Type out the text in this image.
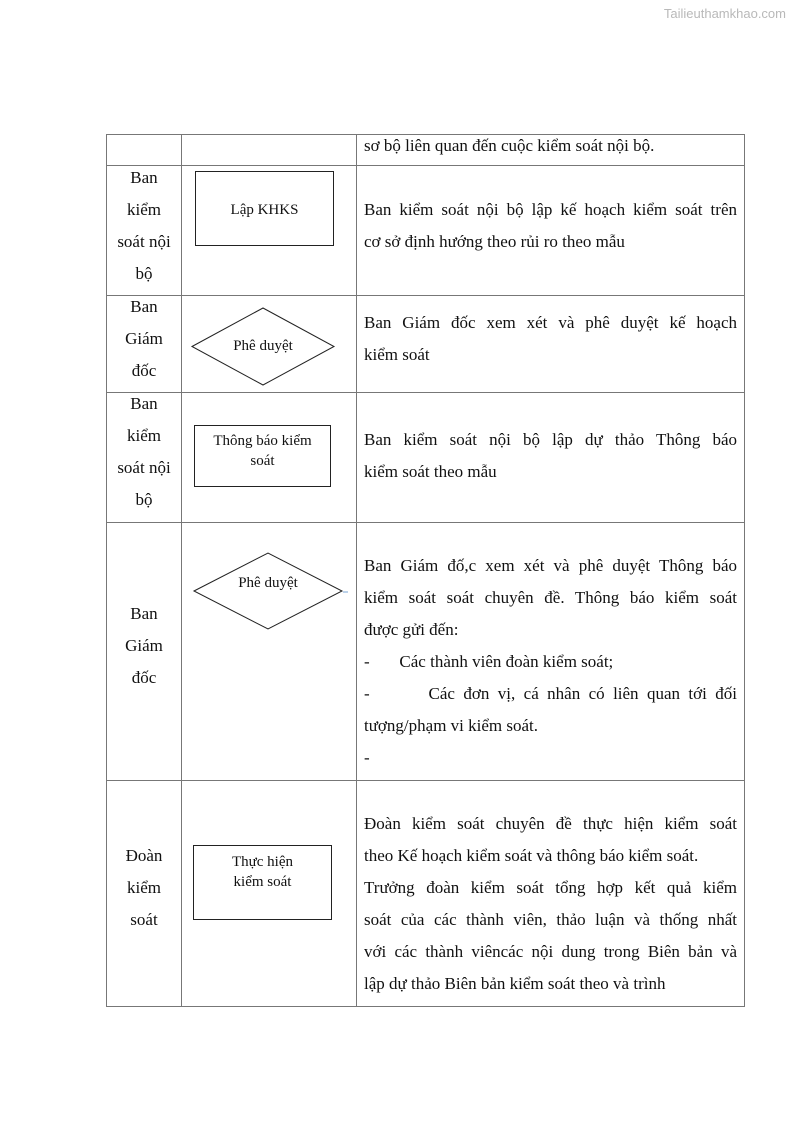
Tailieuthamkhao.com
sơ bộ liên quan đến cuộc kiểm soát nội bộ.
Ban
kiểm
soát nội
bộ
Ban kiểm soát nội bộ lập kế hoạch kiểm soát trên
cơ sở định hướng theo rủi ro theo mẫu
Lập KHKS
Ban
Giám
đốc
Ban Giám đốc xem xét và phê duyệt kế hoạch
kiểm soát
Phê duyệt
Ban
kiểm
soát nội
bộ
Ban kiểm soát nội bộ lập dự thảo Thông báo
kiểm soát theo mẫu
Thông báo kiểm soát
Ban
Giám
đốc
Ban Giám đố,c xem xét và phê duyệt Thông báo
kiểm soát soát chuyên đề. Thông báo kiểm soát
được gửi đến:
-       Các thành viên đoàn kiểm soát;
-       Các đơn vị, cá nhân có liên quan tới đối
tượng/phạm vi kiểm soát.
-
Phê duyệt
Đoàn
kiểm
soát
Đoàn kiểm soát chuyên đề thực hiện kiểm soát
theo Kế hoạch kiểm soát và thông báo kiểm soát.
Trưởng đoàn kiểm soát tổng hợp kết quả kiểm
soát của các thành viên, thảo luận và thống nhất
với các thành viêncác nội dung trong Biên bản và
lập dự thảo Biên bản kiểm soát theo và trình
Thực hiện kiểm soát
